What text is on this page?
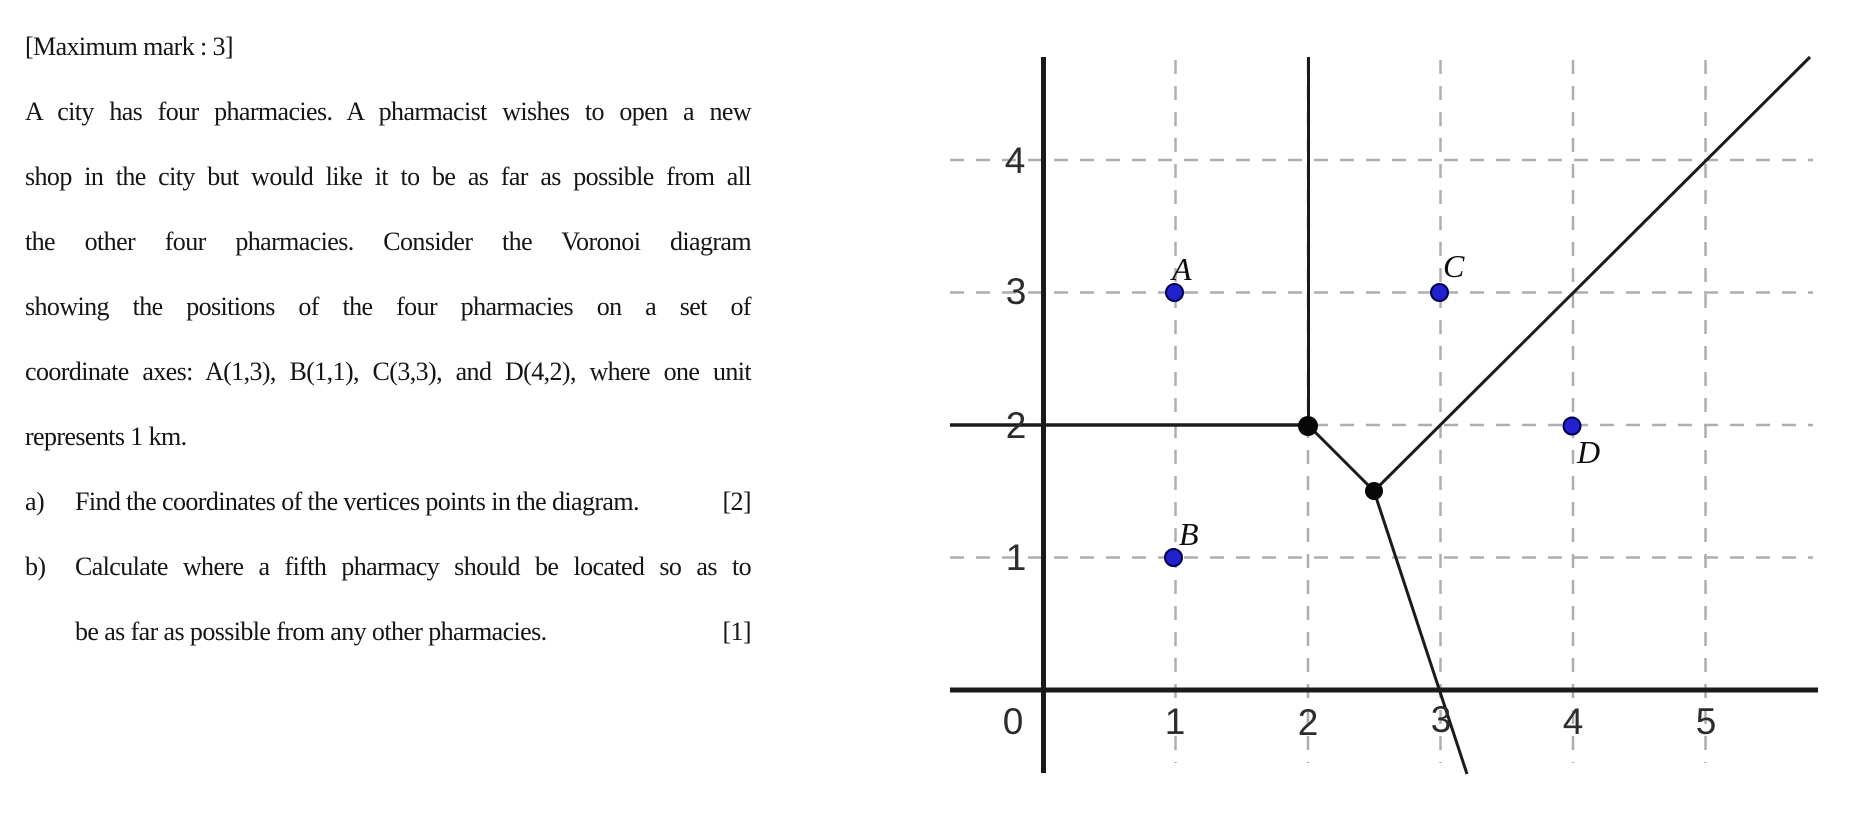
[Maximum mark : 3]
A city has four pharmacies. A pharmacist wishes to open a new
shop in the city but would like it to be as far as possible from all
the other four pharmacies. Consider the Voronoi diagram
showing the positions of the four pharmacies on a set of
coordinate axes: A(1,3), B(1,1), C(3,3), and D(4,2), where one unit
represents 1 km.
a)	Find the coordinates of the vertices points in the diagram.	[2]
b)	Calculate where a fifth pharmacy should be located so as to
be as far as possible from any other pharmacies.	[1]
A
B
C
D
0	1	2	3	4	5
1
2
3
4
